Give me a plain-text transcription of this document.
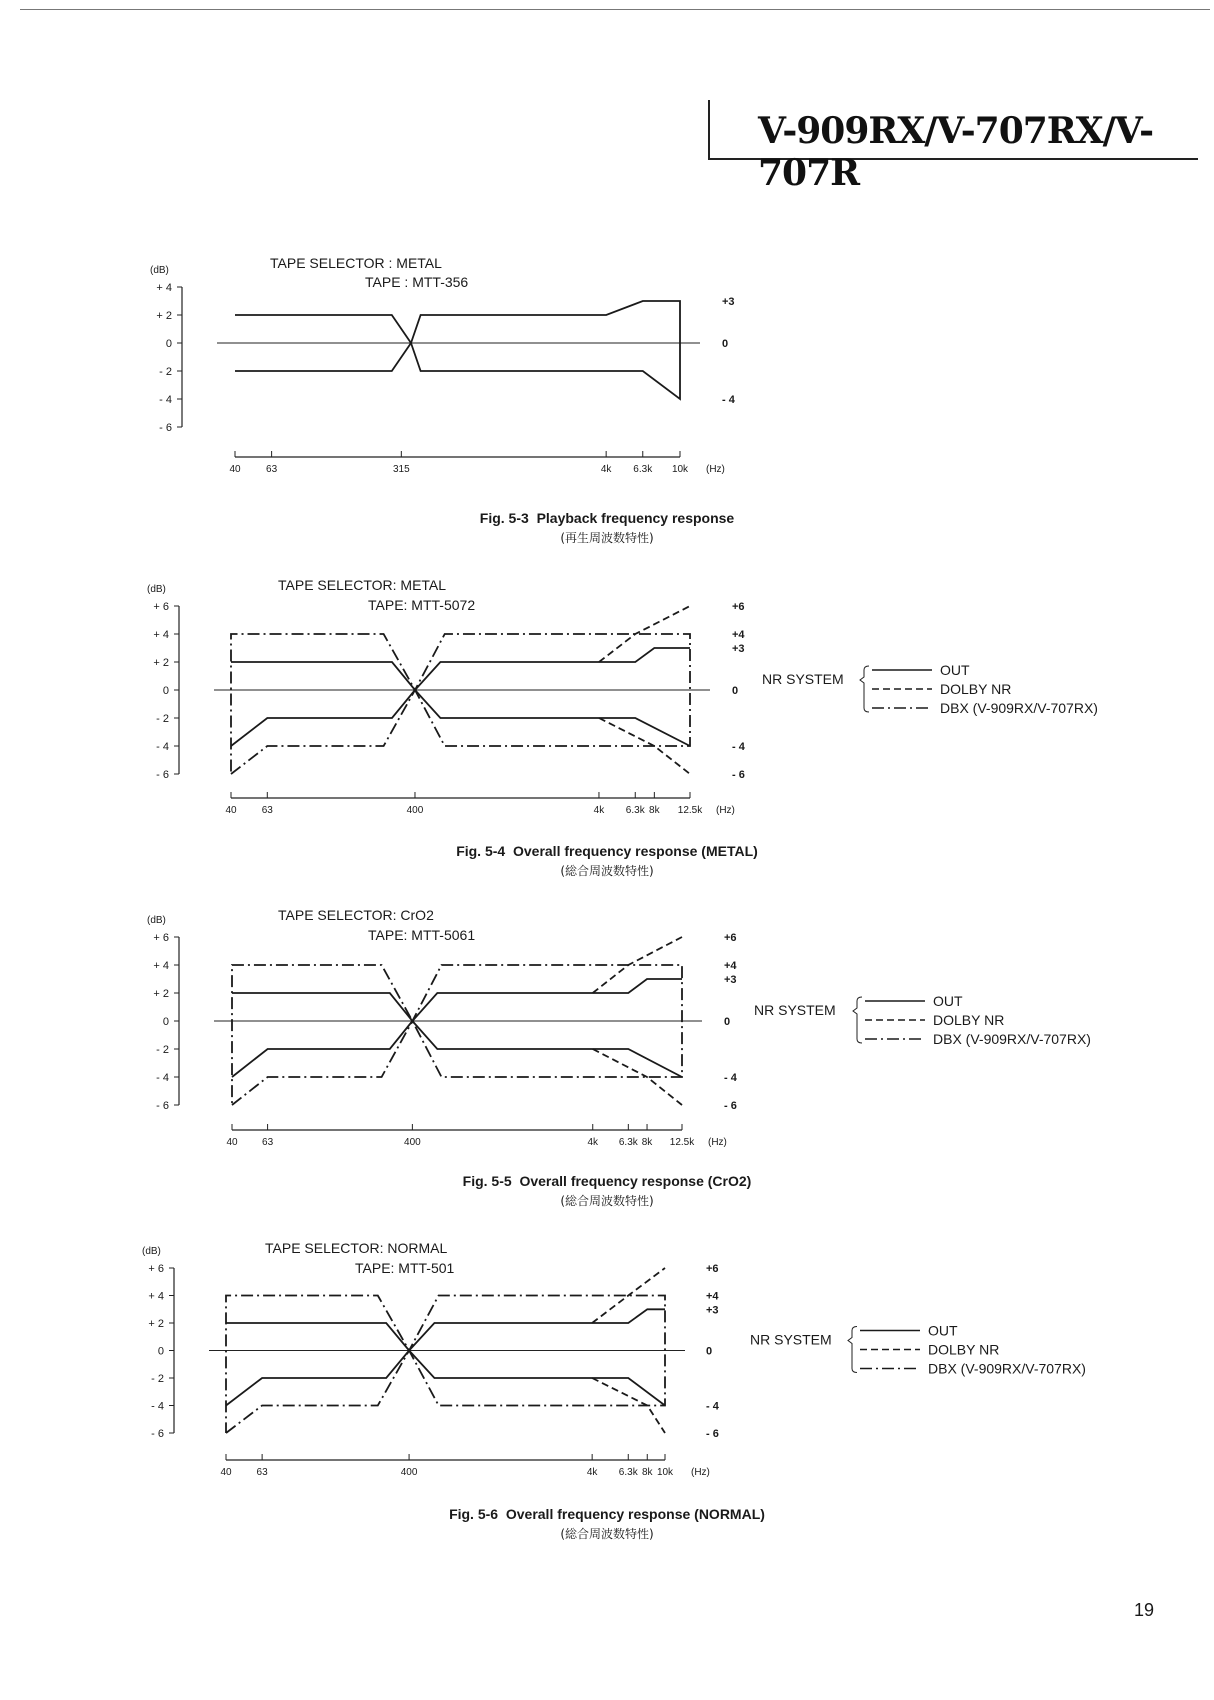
V-909RX/V-707RX/V-707R
TAPE SELECTOR : METAL
TAPE : MTT-356
(dB)
+ 4
+ 2
0
- 2
- 4
- 6
+3
0
- 4
40	63	315	4k 6.3k 10k (Hz)
Fig. 5-3 Playback frequency response
(再生周波数特性)
TAPE SELECTOR: METAL
TAPE: MTT-5072
(dB)
+ 6
+ 4
+ 2
0
- 2
- 4
- 6
+6
+4
+3
0
- 4
- 6
40	63	400	4k 6.3k 8k 12.5k (Hz)
NR SYSTEM
OUT
DOLBY NR
DBX (V-909RX/V-707RX)
Fig. 5-4 Overall frequency response (METAL)
(総合周波数特性)
TAPE SELECTOR: CrO2
TAPE: MTT-5061
(dB)
+ 6
+ 4
+ 2
0
- 2
- 4
- 6
+6
+4
+3
0
- 4
- 6
40 63	400	4k 6.3k 8k 12.5k (Hz)
NR SYSTEM
OUT
DOLBY NR
DBX (V-909RX/V-707RX)
Fig. 5-5 Overall frequency response (CrO2)
(総合周波数特性)
TAPE SELECTOR: NORMAL
TAPE: MTT-501
(dB)
+ 6
+ 4
+ 2
0
- 2
- 4
- 6
+6
+4
+3
0
- 4
- 6
40 63	400	4k 6.3k 8k 10k (Hz)
NR SYSTEM
OUT
DOLBY NR
DBX (V-909RX/V-707RX)
Fig. 5-6 Overall frequency response (NORMAL)
(総合周波数特性)
19
